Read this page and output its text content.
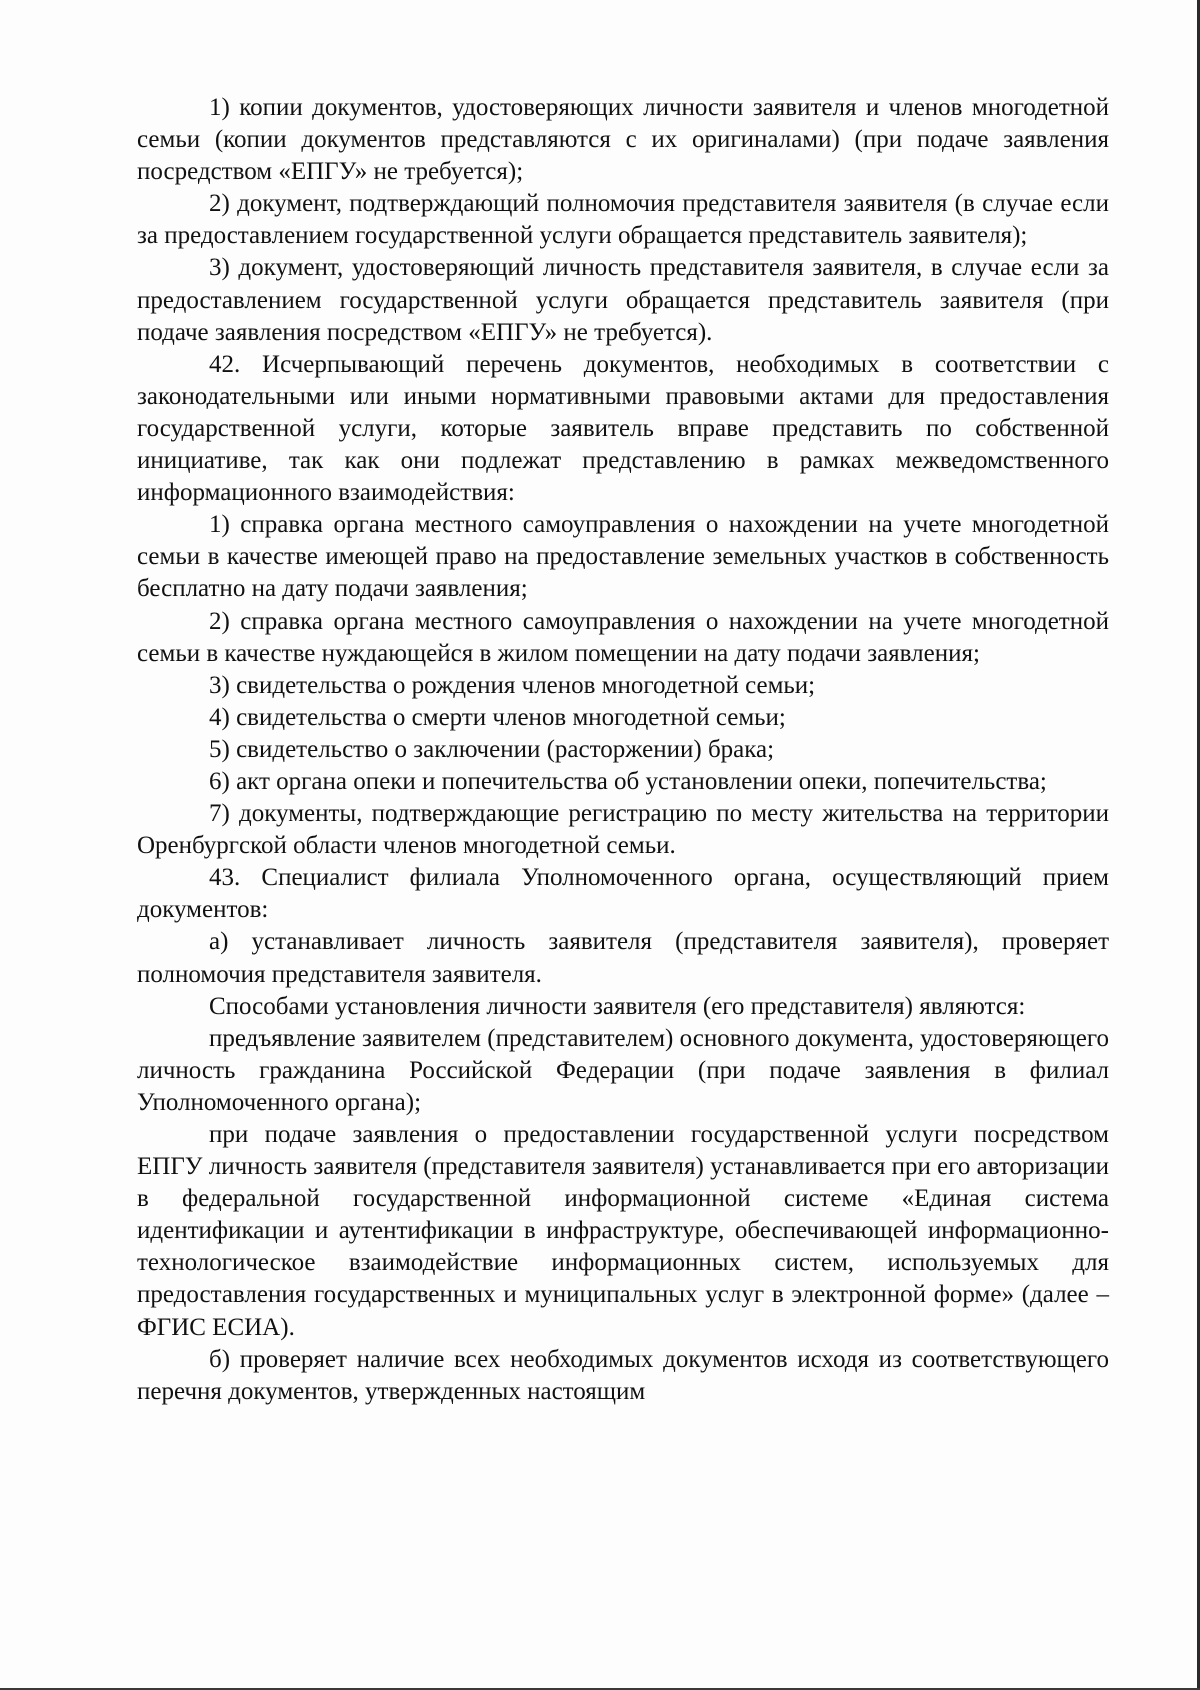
1) копии документов, удостоверяющих личности заявителя и членов многодетной семьи (копии документов представляются с их оригиналами) (при подаче заявления посредством «ЕПГУ» не требуется);

2) документ, подтверждающий полномочия представителя заявителя (в случае если за предоставлением государственной услуги обращается представитель заявителя);

3) документ, удостоверяющий личность представителя заявителя, в случае если за предоставлением государственной услуги обращается представитель заявителя (при подаче заявления посредством «ЕПГУ» не требуется).

42. Исчерпывающий перечень документов, необходимых в соответствии с законодательными или иными нормативными правовыми актами для предоставления государственной услуги, которые заявитель вправе представить по собственной инициативе, так как они подлежат представлению в рамках межведомственного информационного взаимодействия:

1) справка органа местного самоуправления о нахождении на учете многодетной семьи в качестве имеющей право на предоставление земельных участков в собственность бесплатно на дату подачи заявления;

2) справка органа местного самоуправления о нахождении на учете многодетной семьи в качестве нуждающейся в жилом помещении на дату подачи заявления;

3) свидетельства о рождения членов многодетной семьи;

4) свидетельства о смерти членов многодетной семьи;

5) свидетельство о заключении (расторжении) брака;

6) акт органа опеки и попечительства об установлении опеки, попечительства;

7) документы, подтверждающие регистрацию по месту жительства на территории Оренбургской области членов многодетной семьи.

43. Специалист филиала Уполномоченного органа, осуществляющий прием документов:

а) устанавливает личность заявителя (представителя заявителя), проверяет полномочия представителя заявителя.

Способами установления личности заявителя (его представителя) являются:

предъявление заявителем (представителем) основного документа, удостоверяющего личность гражданина Российской Федерации (при подаче заявления в филиал Уполномоченного органа);

при подаче заявления о предоставлении государственной услуги посредством ЕПГУ личность заявителя (представителя заявителя) устанавливается при его авторизации в федеральной государственной информационной системе «Единая система идентификации и аутентификации в инфраструктуре, обеспечивающей информационно-технологическое взаимодействие информационных систем, используемых для предоставления государственных и муниципальных услуг в электронной форме» (далее – ФГИС ЕСИА).

б) проверяет наличие всех необходимых документов исходя из соответствующего перечня документов, утвержденных настоящим
